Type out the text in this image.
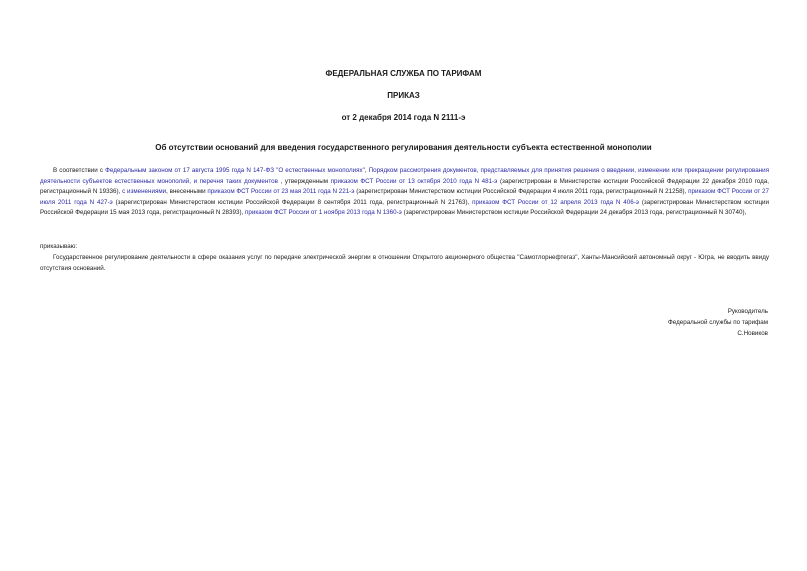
ФЕДЕРАЛЬНАЯ СЛУЖБА ПО ТАРИФАМ
ПРИКАЗ
от 2 декабря 2014 года N 2111-э
Об отсутствии оснований для введения государственного регулирования деятельности субъекта естественной монополии
В соответствии с Федеральным законом от 17 августа 1995 года N 147-ФЗ "О естественных монополиях", Порядком рассмотрения документов, представляемых для принятия решения о введении, изменении или прекращении регулирования деятельности субъектов естественных монополий, и перечня таких документов , утвержденным приказом ФСТ России от 13 октября 2010 года N 481-э (зарегистрирован в Министерстве юстиции Российской Федерации 22 декабря 2010 года, регистрационный N 19336), с изменениями, внесенными приказом ФСТ России от 23 мая 2011 года N 221-э (зарегистрирован Министерством юстиции Российской Федерации 4 июля 2011 года, регистрационный N 21258), приказом ФСТ России от 27 июля 2011 года N 427-э (зарегистрирован Министерством юстиции Российской Федерации 8 сентября 2011 года, регистрационный N 21763), приказом ФСТ России от 12 апреля 2013 года N 406-э (зарегистрирован Министерством юстиции Российской Федерации 15 мая 2013 года, регистрационный N 28393), приказом ФСТ России от 1 ноября 2013 года N 1360-э (зарегистрирован Министерством юстиции Российской Федерации 24 декабря 2013 года, регистрационный N 30740),
приказываю:
Государственное регулирование деятельности в сфере оказания услуг по передаче электрической энергии в отношении Открытого акционерного общества "Самотлорнефтегаз", Ханты-Мансийский автономный округ - Югра, не вводить ввиду отсутствия оснований.
Руководитель
Федеральной службы по тарифам
С.Новиков
